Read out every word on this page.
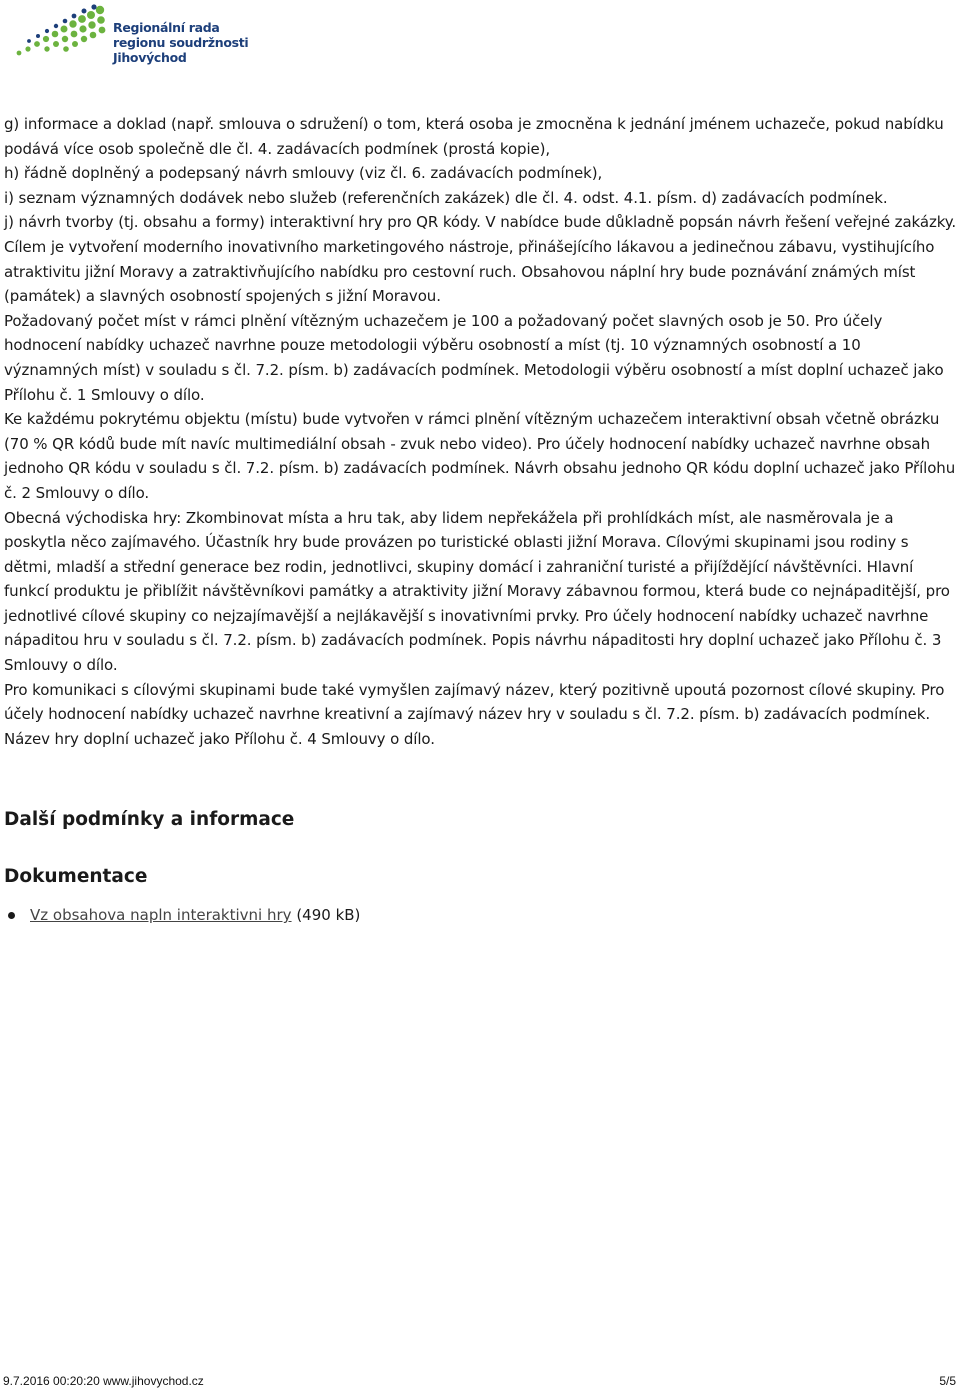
Regionální rada
regionu soudržnosti
Jihovýchod

g) informace a doklad (např. smlouva o sdružení) o tom, která osoba je zmocněna k jednání jménem uchazeče, pokud nabídku podává více osob společně dle čl. 4. zadávacích podmínek (prostá kopie),

h) řádně doplněný a podepsaný návrh smlouvy (viz čl. 6. zadávacích podmínek),

i) seznam významných dodávek nebo služeb (referenčních zakázek) dle čl. 4. odst. 4.1. písm. d) zadávacích podmínek.

j) návrh tvorby (tj. obsahu a formy) interaktivní hry pro QR kódy. V nabídce bude důkladně popsán návrh řešení veřejné zakázky. Cílem je vytvoření moderního inovativního marketingového nástroje, přinášejícího lákavou a jedinečnou zábavu, vystihujícího atraktivitu jižní Moravy a zatraktivňujícího nabídku pro cestovní ruch. Obsahovou náplní hry bude poznávání známých míst (památek) a slavných osobností spojených s jižní Moravou.

Požadovaný počet míst v rámci plnění vítězným uchazečem je 100 a požadovaný počet slavných osob je 50. Pro účely hodnocení nabídky uchazeč navrhne pouze metodologii výběru osobností a míst (tj. 10 významných osobností a 10 významných míst) v souladu s čl. 7.2. písm. b) zadávacích podmínek. Metodologii výběru osobností a míst doplní uchazeč jako Přílohu č. 1 Smlouvy o dílo.

Ke každému pokrytému objektu (místu) bude vytvořen v rámci plnění vítězným uchazečem interaktivní obsah včetně obrázku (70 % QR kódů bude mít navíc multimediální obsah - zvuk nebo video). Pro účely hodnocení nabídky uchazeč navrhne obsah jednoho QR kódu v souladu s čl. 7.2. písm. b) zadávacích podmínek. Návrh obsahu jednoho QR kódu doplní uchazeč jako Přílohu č. 2 Smlouvy o dílo.

Obecná východiska hry: Zkombinovat místa a hru tak, aby lidem nepřekážela při prohlídkách míst, ale nasměrovala je a poskytla něco zajímavého. Účastník hry bude provázen po turistické oblasti jižní Morava. Cílovými skupinami jsou rodiny s dětmi, mladší a střední generace bez rodin, jednotlivci, skupiny domácí i zahraniční turisté a přijíždějící návštěvníci. Hlavní funkcí produktu je přiblížit návštěvníkovi památky a atraktivity jižní Moravy zábavnou formou, která bude co nejnápaditější, pro jednotlivé cílové skupiny co nejzajímavější a nejlákavější s inovativními prvky. Pro účely hodnocení nabídky uchazeč navrhne nápaditou hru v souladu s čl. 7.2. písm. b) zadávacích podmínek. Popis návrhu nápaditosti hry doplní uchazeč jako Přílohu č. 3 Smlouvy o dílo.

Pro komunikaci s cílovými skupinami bude také vymyšlen zajímavý název, který pozitivně upoutá pozornost cílové skupiny. Pro účely hodnocení nabídky uchazeč navrhne kreativní a zajímavý název hry v souladu s čl. 7.2. písm. b) zadávacích podmínek. Název hry doplní uchazeč jako Přílohu č. 4 Smlouvy o dílo.

Další podmínky a informace
Dokumentace
Vz obsahova napln interaktivni hry (490 kB)
9.7.2016 00:20:20 www.jihovychod.cz	5/5
